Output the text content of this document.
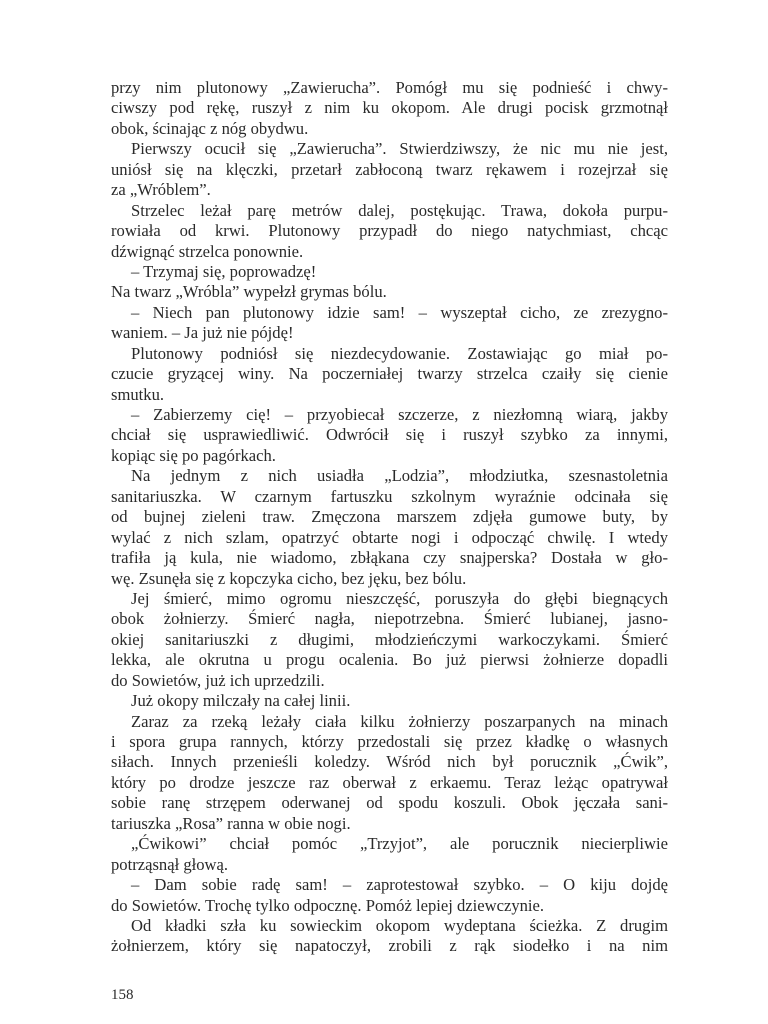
przy nim plutonowy „Zawierucha”. Pomógł mu się podnieść i chwy-
ciwszy pod rękę, ruszył z nim ku okopom. Ale drugi pocisk grzmotnął
obok, ścinając z nóg obydwu.
Pierwszy ocucił się „Zawierucha”. Stwierdziwszy, że nic mu nie jest,
uniósł się na klęczki, przetarł zabłoconą twarz rękawem i rozejrzał się
za „Wróblem”.
Strzelec leżał parę metrów dalej, postękując. Trawa, dokoła purpu-
rowiała od krwi. Plutonowy przypadł do niego natychmiast, chcąc
dźwignąć strzelca ponownie.
– Trzymaj się, poprowadzę!
Na twarz „Wróbla” wypełzł grymas bólu.
– Niech pan plutonowy idzie sam! – wyszeptał cicho, ze zrezygno-
waniem. – Ja już nie pójdę!
Plutonowy podniósł się niezdecydowanie. Zostawiając go miał po-
czucie gryzącej winy. Na poczerniałej twarzy strzelca czaiły się cienie
smutku.
– Zabierzemy cię! – przyobiecał szczerze, z niezłomną wiarą, jakby
chciał się usprawiedliwić. Odwrócił się i ruszył szybko za innymi,
kopiąc się po pagórkach.
Na jednym z nich usiadła „Lodzia”, młodziutka, szesnastoletnia
sanitariuszka. W czarnym fartuszku szkolnym wyraźnie odcinała się
od bujnej zieleni traw. Zmęczona marszem zdjęła gumowe buty, by
wylać z nich szlam, opatrzyć obtarte nogi i odpocząć chwilę. I wtedy
trafiła ją kula, nie wiadomo, zbłąkana czy snajperska? Dostała w gło-
wę. Zsunęła się z kopczyka cicho, bez jęku, bez bólu.
Jej śmierć, mimo ogromu nieszczęść, poruszyła do głębi biegnących
obok żołnierzy. Śmierć nagła, niepotrzebna. Śmierć lubianej, jasno-
okiej sanitariuszki z długimi, młodzieńczymi warkoczykami. Śmierć
lekka, ale okrutna u progu ocalenia. Bo już pierwsi żołnierze dopadli
do Sowietów, już ich uprzedzili.
Już okopy milczały na całej linii.
Zaraz za rzeką leżały ciała kilku żołnierzy poszarpanych na minach
i spora grupa rannych, którzy przedostali się przez kładkę o własnych
siłach. Innych przenieśli koledzy. Wśród nich był porucznik „Ćwik”,
który po drodze jeszcze raz oberwał z erkaemu. Teraz leżąc opatrywał
sobie ranę strzępem oderwanej od spodu koszuli. Obok jęczała sani-
tariuszka „Rosa” ranna w obie nogi.
„Ćwikowi” chciał pomóc „Trzyjot”, ale porucznik niecierpliwie
potrząsnął głową.
– Dam sobie radę sam! – zaprotestował szybko. – O kiju dojdę
do Sowietów. Trochę tylko odpocznę. Pomóż lepiej dziewczynie.
Od kładki szła ku sowieckim okopom wydeptana ścieżka. Z drugim
żołnierzem, który się napatoczył, zrobili z rąk siodełko i na nim
158
